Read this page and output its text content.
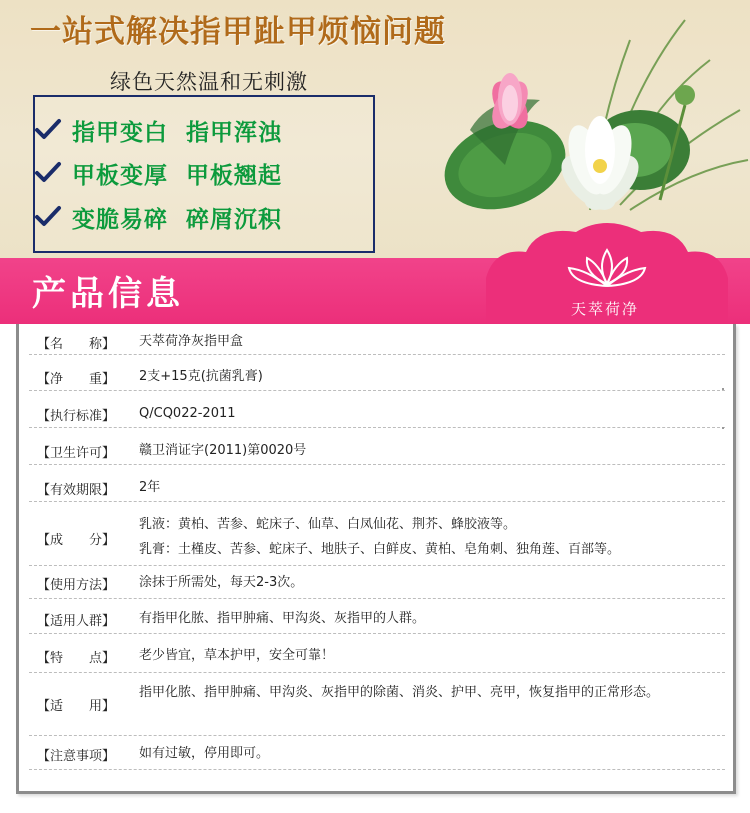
一站式解决指甲趾甲烦恼问题
绿色天然温和无刺激
指甲变白 指甲浑浊
甲板变厚 甲板翘起
变脆易碎 碎屑沉积
产品信息	天萃荷净
【名　　称】	天萃荷净灰指甲盒
【净　　重】	2支+15克(抗菌乳膏)
【执行标准】	Q/CQ022-2011
【卫生许可】	赣卫消证字(2011)第0020号
【有效期限】	2年
【成　　分】
乳液：黄柏、苦参、蛇床子、仙草、白凤仙花、荆芥、蜂胶液等。
乳膏：土槿皮、苦参、蛇床子、地肤子、白鲜皮、黄柏、皂角刺、独角莲、百部等。
【使用方法】	涂抹于所需处，每天2-3次。
【适用人群】	有指甲化脓、指甲肿痛、甲沟炎、灰指甲的人群。
【特　　点】	老少皆宜，草本护甲，安全可靠！
【适　　用】
指甲化脓、指甲肿痛、甲沟炎、灰指甲的除菌、消炎、护甲、亮甲，恢复指甲的正常形态。
【注意事项】	如有过敏，停用即可。
